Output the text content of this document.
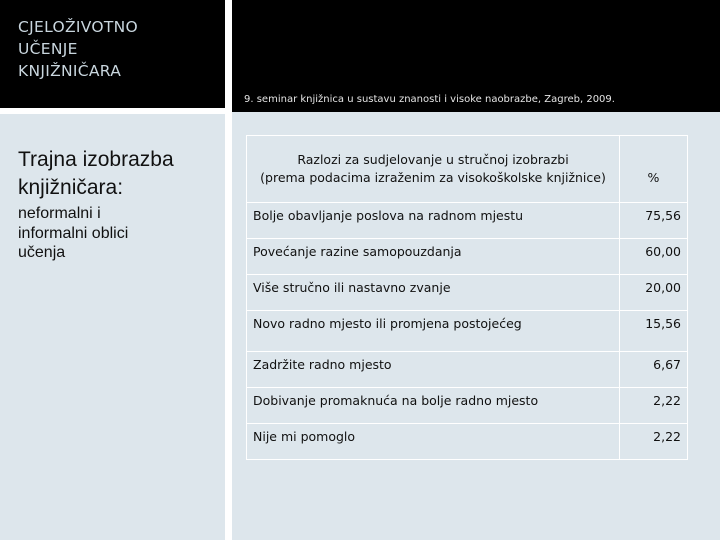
CJELOŽIVOTNO
UČENJE
KNJIŽNIČARA
9. seminar knjižnica u sustavu znanosti i visoke naobrazbe, Zagreb, 2009.
Trajna izobrazba
knjižničara:
neformalni i
informalni oblici
učenja
Razlozi za sudjelovanje u stručnoj izobrazbi
(prema podacima izraženim za visokoškolske knjižnice)	%
Bolje obavljanje poslova na radnom mjestu	75,56
Povećanje razine samopouzdanja	60,00
Više stručno ili nastavno zvanje	20,00
Novo radno mjesto ili promjena postojećeg	15,56
Zadržite radno mjesto	6,67
Dobivanje promaknuća na bolje radno mjesto	2,22
Nije mi pomoglo	2,22
